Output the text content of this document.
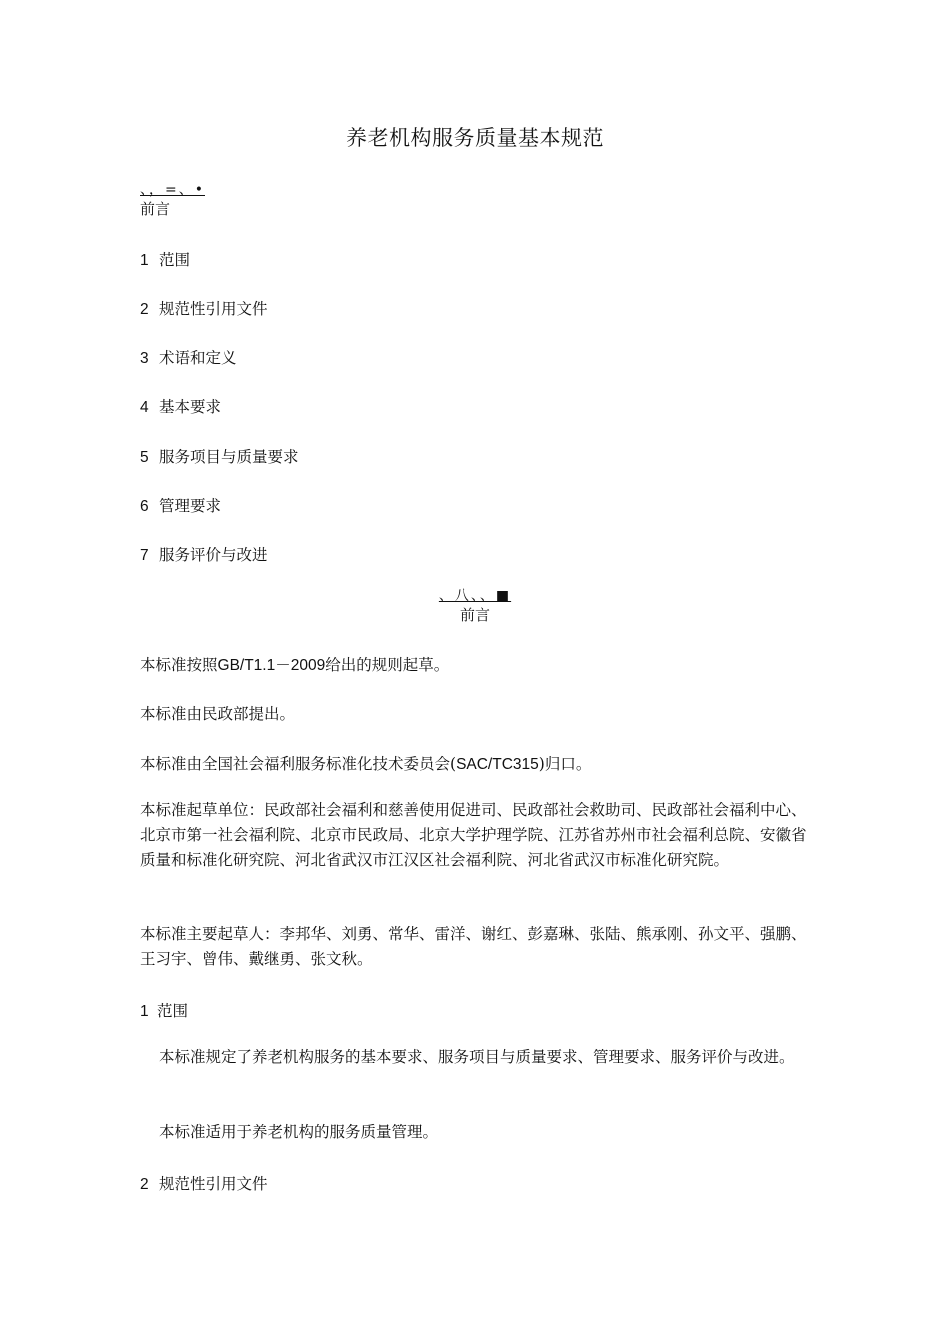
养老机构服务质量基本规范
、，=、•
前言
1 范围
2 规范性引用文件
3 术语和定义
4 基本要求
5 服务项目与质量要求
6 管理要求
7 服务评价与改进
、八、、■
前言
本标准按照GB/T1.1－2009给出的规则起草。
本标准由民政部提出。
本标准由全国社会福利服务标准化技术委员会(SAC/TC315)归口。
本标准起草单位：民政部社会福利和慈善使用促进司、民政部社会救助司、民政部社会福利中心、北京市第一社会福利院、北京市民政局、北京大学护理学院、江苏省苏州市社会福利总院、安徽省质量和标准化研究院、河北省武汉市江汉区社会福利院、河北省武汉市标准化研究院。
本标准主要起草人：李邦华、刘勇、常华、雷洋、谢红、彭嘉琳、张陆、熊承刚、孙文平、强鹏、王习宇、曾伟、戴继勇、张文秋。
1 范围
本标准规定了养老机构服务的基本要求、服务项目与质量要求、管理要求、服务评价与改进。
本标准适用于养老机构的服务质量管理。
2 规范性引用文件
